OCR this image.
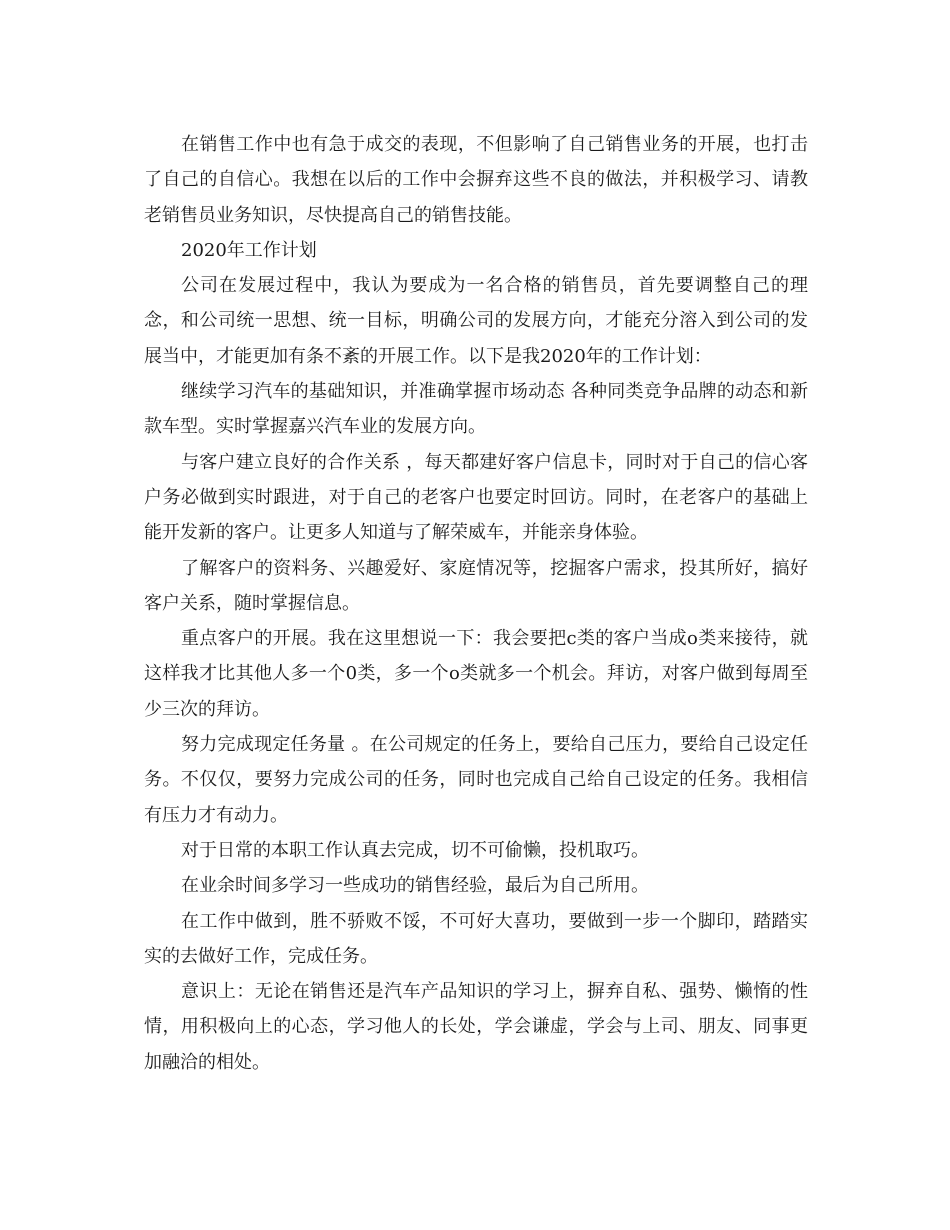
在销售工作中也有急于成交的表现，不但影响了自己销售业务的开展，也打击了自己的自信心。我想在以后的工作中会摒弃这些不良的做法，并积极学习、请教老销售员业务知识，尽快提高自己的销售技能。

2020年工作计划

公司在发展过程中，我认为要成为一名合格的销售员，首先要调整自己的理念，和公司统一思想、统一目标，明确公司的发展方向，才能充分溶入到公司的发展当中，才能更加有条不紊的开展工作。以下是我2020年的工作计划：

继续学习汽车的基础知识，并准确掌握市场动态 各种同类竞争品牌的动态和新款车型。实时掌握嘉兴汽车业的发展方向。

与客户建立良好的合作关系 ，每天都建好客户信息卡，同时对于自己的信心客户务必做到实时跟进，对于自己的老客户也要定时回访。同时，在老客户的基础上能开发新的客户。让更多人知道与了解荣威车，并能亲身体验。

了解客户的资料务、兴趣爱好、家庭情况等，挖掘客户需求，投其所好，搞好客户关系，随时掌握信息。

重点客户的开展。我在这里想说一下：我会要把c类的客户当成o类来接待，就这样我才比其他人多一个0类，多一个o类就多一个机会。拜访，对客户做到每周至少三次的拜访。

努力完成现定任务量 。在公司规定的任务上，要给自己压力，要给自己设定任务。不仅仅，要努力完成公司的任务，同时也完成自己给自己设定的任务。我相信有压力才有动力。

对于日常的本职工作认真去完成，切不可偷懒，投机取巧。

在业余时间多学习一些成功的销售经验，最后为自己所用。

在工作中做到，胜不骄败不馁，不可好大喜功，要做到一步一个脚印，踏踏实实的去做好工作，完成任务。

意识上：无论在销售还是汽车产品知识的学习上，摒弃自私、强势、懒惰的性情，用积极向上的心态，学习他人的长处，学会谦虚，学会与上司、朋友、同事更加融洽的相处。
